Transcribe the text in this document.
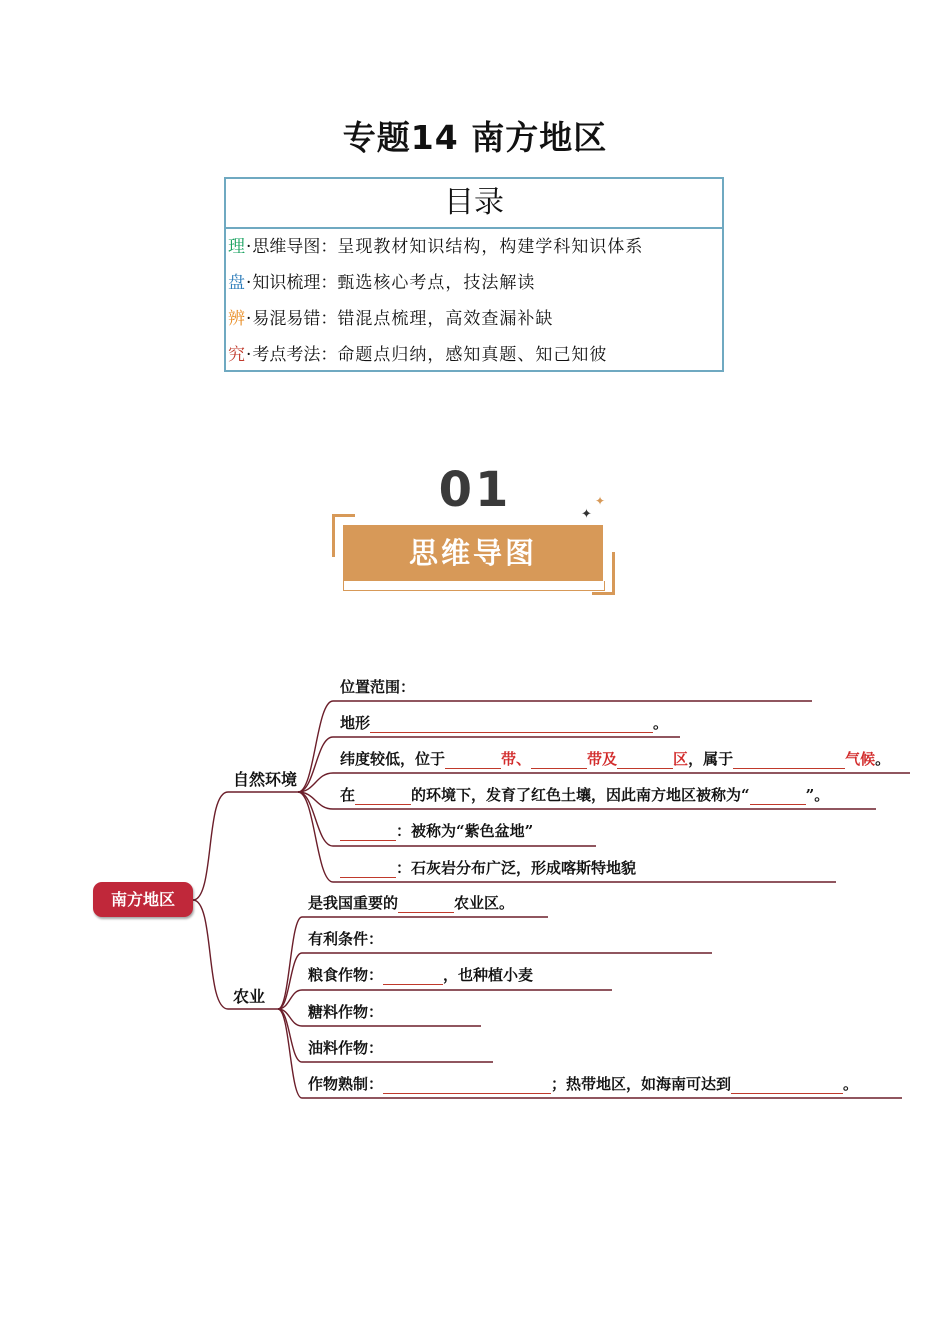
专题14 南方地区
目录
理·思维导图：呈现教材知识结构，构建学科知识体系
盘·知识梳理：甄选核心考点，技法解读
辨·易混易错：错混点梳理，高效查漏补缺
究·考点考法：命题点归纳，感知真题、知己知彼
01
思维导图
✦
✦
南方地区
自然环境
农业
位置范围：
地形	。
纬度较低，位于	带、	带及	区，属于	气候。
在	的环境下，发育了红色土壤，因此南方地区被称为“	”。
：被称为“紫色盆地”
：石灰岩分布广泛，形成喀斯特地貌
是我国重要的	农业区。
有利条件：
粮食作物：	，也种植小麦
糖料作物：
油料作物：
作物熟制：	；热带地区，如海南可达到	。
